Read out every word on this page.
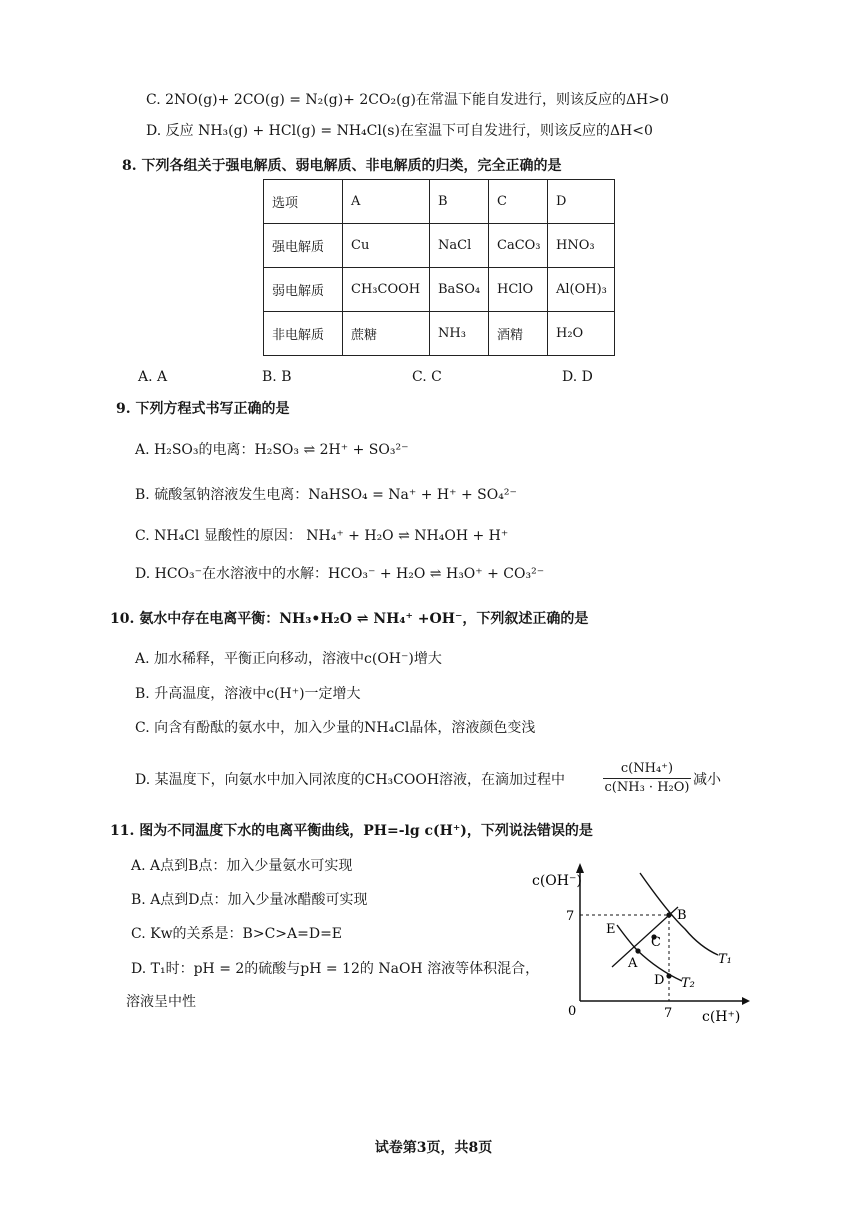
C. 2NO(g)+ 2CO(g) = N₂(g)+ 2CO₂(g)在常温下能自发进行，则该反应的ΔH>0
D. 反应 NH₃(g) + HCl(g) = NH₄Cl(s)在室温下可自发进行，则该反应的ΔH<0
8. 下列各组关于强电解质、弱电解质、非电解质的归类，完全正确的是
选项	A	B	C	D
强电解质	Cu	NaCl	CaCO₃	HNO₃
弱电解质	CH₃COOH	BaSO₄	HClO	Al(OH)₃
非电解质	蔗糖	NH₃	酒精	H₂O
A. A	B. B	C. C	D. D
9. 下列方程式书写正确的是
A. H₂SO₃的电离：H₂SO₃ ⇌ 2H⁺ + SO₃²⁻
B. 硫酸氢钠溶液发生电离：NaHSO₄ = Na⁺ + H⁺ + SO₄²⁻
C. NH₄Cl 显酸性的原因： NH₄⁺ + H₂O ⇌ NH₄OH + H⁺
D. HCO₃⁻在水溶液中的水解：HCO₃⁻ + H₂O ⇌ H₃O⁺ + CO₃²⁻
10. 氨水中存在电离平衡：NH₃•H₂O ⇌ NH₄⁺ +OH⁻，下列叙述正确的是
A. 加水稀释，平衡正向移动，溶液中c(OH⁻)增大
B. 升高温度，溶液中c(H⁺)一定增大
C. 向含有酚酞的氨水中，加入少量的NH₄Cl晶体，溶液颜色变浅
D. 某温度下，向氨水中加入同浓度的CH₃COOH溶液，在滴加过程中	$\frac{\text{c(NH₄⁺)}}{\text{c(NH₃ · H₂O)}}$ 减小
11. 图为不同温度下水的电离平衡曲线，PH=-lg c(H⁺)，下列说法错误的是
A. A点到B点：加入少量氨水可实现
B. A点到D点：加入少量冰醋酸可实现
C. Kw的关系是：B>C>A=D=E
D. T₁时：pH = 2的硫酸与pH = 12的 NaOH 溶液等体积混合，
溶液呈中性
c(OH⁻)
c(H⁺)
0
7
7
A
B
C
D
E
T₁
T₂
试卷第3页，共8页
